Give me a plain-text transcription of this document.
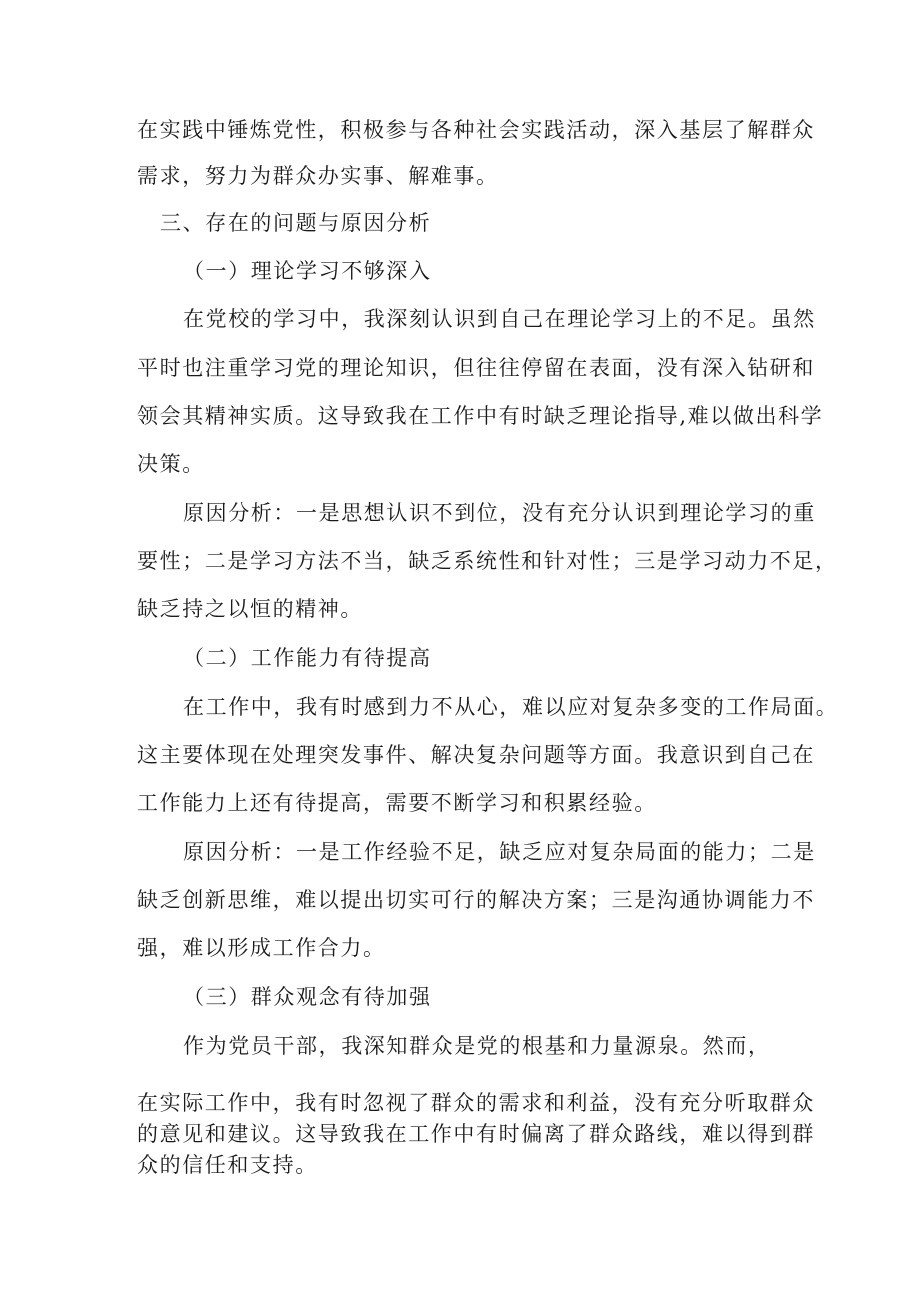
在实践中锤炼党性，积极参与各种社会实践活动，深入基层了解群众

需求，努力为群众办实事、解难事。

三、存在的问题与原因分析

（一）理论学习不够深入

在党校的学习中，我深刻认识到自己在理论学习上的不足。虽然

平时也注重学习党的理论知识，但往往停留在表面，没有深入钻研和

领会其精神实质。这导致我在工作中有时缺乏理论指导,难以做出科学

决策。

原因分析：一是思想认识不到位，没有充分认识到理论学习的重

要性；二是学习方法不当，缺乏系统性和针对性；三是学习动力不足，

缺乏持之以恒的精神。

（二）工作能力有待提高

在工作中，我有时感到力不从心，难以应对复杂多变的工作局面。

这主要体现在处理突发事件、解决复杂问题等方面。我意识到自己在

工作能力上还有待提高，需要不断学习和积累经验。

原因分析：一是工作经验不足，缺乏应对复杂局面的能力；二是

缺乏创新思维，难以提出切实可行的解决方案；三是沟通协调能力不

强，难以形成工作合力。

（三）群众观念有待加强

作为党员干部，我深知群众是党的根基和力量源泉。然而，

在实际工作中，我有时忽视了群众的需求和利益，没有充分听取群众

的意见和建议。这导致我在工作中有时偏离了群众路线，难以得到群

众的信任和支持。
